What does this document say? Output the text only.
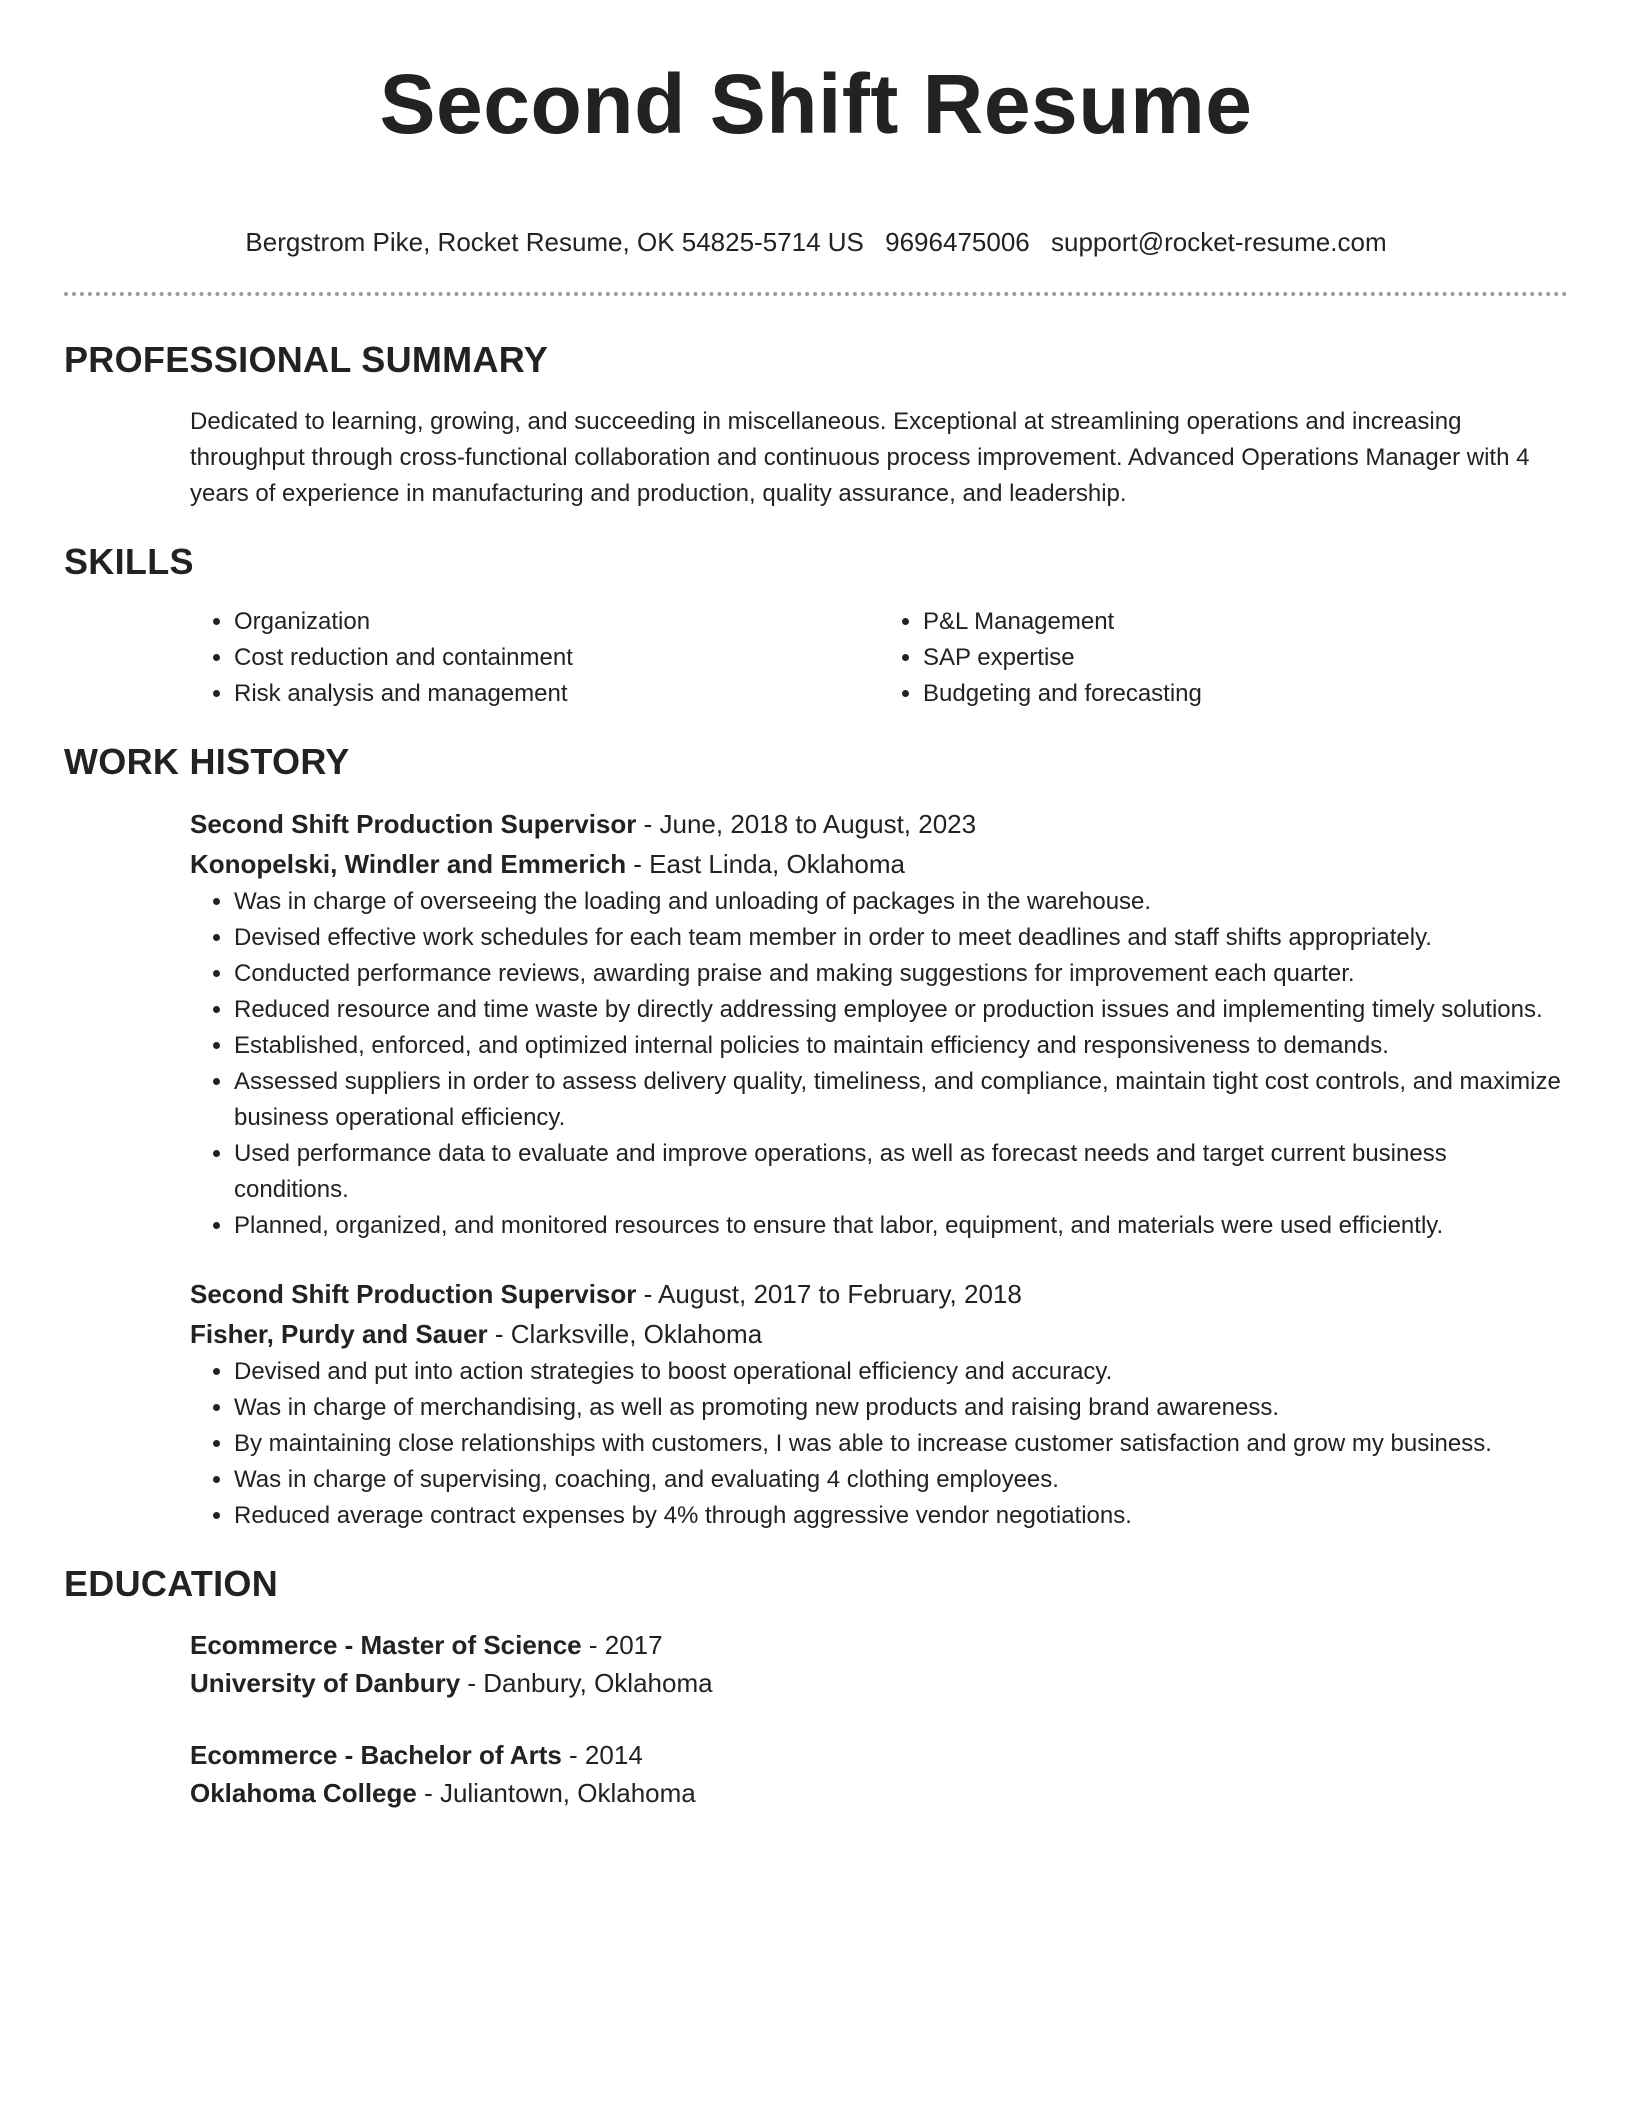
Second Shift Resume
Bergstrom Pike, Rocket Resume, OK 54825-5714 US 9696475006 support@rocket-resume.com
PROFESSIONAL SUMMARY

Dedicated to learning, growing, and succeeding in miscellaneous. Exceptional at streamlining operations and increasing throughput through cross-functional collaboration and continuous process improvement. Advanced Operations Manager with 4 years of experience in manufacturing and production, quality assurance, and leadership.

SKILLS
• Organization
• Cost reduction and containment
• Risk analysis and management
• P&L Management
• SAP expertise
• Budgeting and forecasting
WORK HISTORY
Second Shift Production Supervisor - June, 2018 to August, 2023
Konopelski, Windler and Emmerich - East Linda, Oklahoma
• Was in charge of overseeing the loading and unloading of packages in the warehouse.
• Devised effective work schedules for each team member in order to meet deadlines and staff shifts appropriately.
• Conducted performance reviews, awarding praise and making suggestions for improvement each quarter.
• Reduced resource and time waste by directly addressing employee or production issues and implementing timely solutions.
• Established, enforced, and optimized internal policies to maintain efficiency and responsiveness to demands.
• Assessed suppliers in order to assess delivery quality, timeliness, and compliance, maintain tight cost controls, and maximize business operational efficiency.
• Used performance data to evaluate and improve operations, as well as forecast needs and target current business conditions.
• Planned, organized, and monitored resources to ensure that labor, equipment, and materials were used efficiently.
Second Shift Production Supervisor - August, 2017 to February, 2018
Fisher, Purdy and Sauer - Clarksville, Oklahoma
• Devised and put into action strategies to boost operational efficiency and accuracy.
• Was in charge of merchandising, as well as promoting new products and raising brand awareness.
• By maintaining close relationships with customers, I was able to increase customer satisfaction and grow my business.
• Was in charge of supervising, coaching, and evaluating 4 clothing employees.
• Reduced average contract expenses by 4% through aggressive vendor negotiations.
EDUCATION
Ecommerce - Master of Science - 2017
University of Danbury - Danbury, Oklahoma
Ecommerce - Bachelor of Arts - 2014
Oklahoma College - Juliantown, Oklahoma
